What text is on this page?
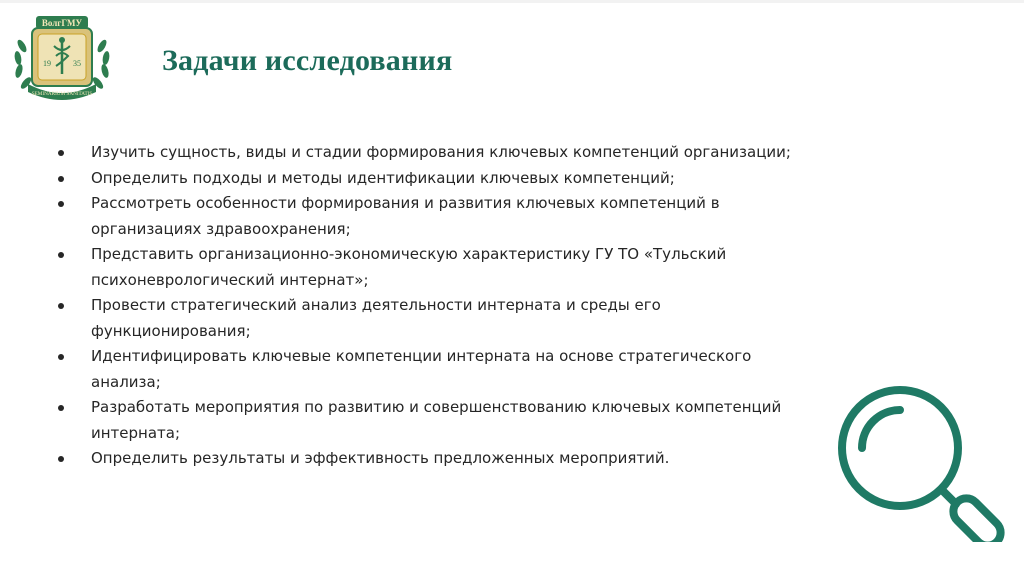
ВолгГМУ
19	35
SEMINARIUM SANITATIS
Задачи исследования
Изучить сущность, виды и стадии формирования ключевых компетенций организации;
Определить подходы и методы идентификации ключевых компетенций;
Рассмотреть особенности формирования и развития ключевых компетенций в организациях здравоохранения;
Представить организационно-экономическую характеристику ГУ ТО «Тульский психоневрологический интернат»;
Провести стратегический анализ деятельности интерната и среды его функционирования;
Идентифицировать ключевые компетенции интерната на основе стратегического анализа;
Разработать мероприятия по развитию и совершенствованию ключевых компетенций интерната;
Определить результаты и эффективность предложенных мероприятий.
